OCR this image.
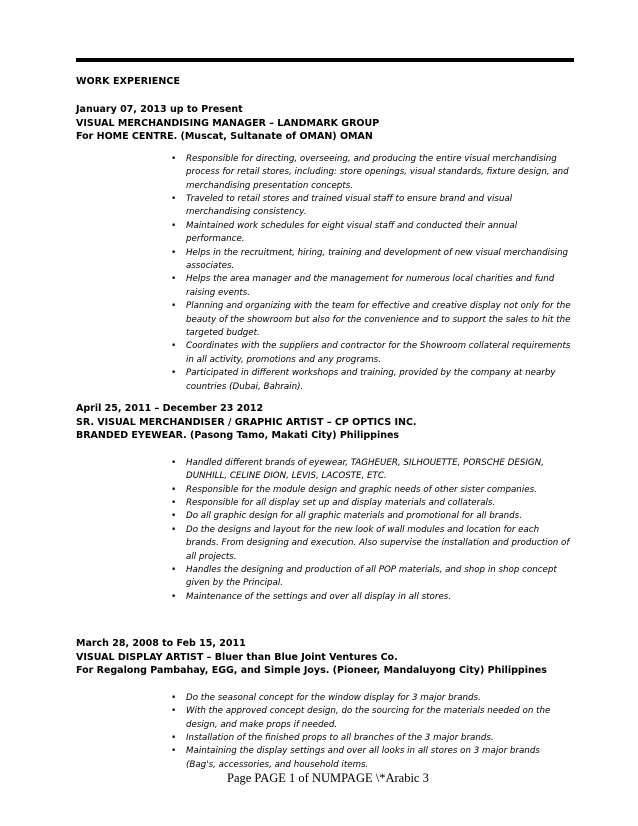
WORK EXPERIENCE
January 07, 2013 up to Present
VISUAL MERCHANDISING MANAGER – LANDMARK GROUP
For HOME CENTRE. (Muscat, Sultanate of OMAN) OMAN
• Responsible for directing, overseeing, and producing the entire visual merchandising process for retail stores, including: store openings, visual standards, fixture design, and merchandising presentation concepts.
• Traveled to retail stores and trained visual staff to ensure brand and visual merchandising consistency.
• Maintained work schedules for eight visual staff and conducted their annual performance.
• Helps in the recruitment, hiring, training and development of new visual merchandising associates.
• Helps the area manager and the management for numerous local charities and fund raising events.
• Planning and organizing with the team for effective and creative display not only for the beauty of the showroom but also for the convenience and to support the sales to hit the targeted budget.
• Coordinates with the suppliers and contractor for the Showroom collateral requirements in all activity, promotions and any programs.
• Participated in different workshops and training, provided by the company at nearby countries (Dubai, Bahrain).
April 25, 2011 – December 23 2012
SR. VISUAL MERCHANDISER / GRAPHIC ARTIST – CP OPTICS INC.
BRANDED EYEWEAR. (Pasong Tamo, Makati City) Philippines
• Handled different brands of eyewear, TAGHEUER, SILHOUETTE, PORSCHE DESIGN, DUNHILL, CELINE DION, LEVIS, LACOSTE, ETC.
• Responsible for the module design and graphic needs of other sister companies.
• Responsible for all display set up and display materials and collaterals.
• Do all graphic design for all graphic materials and promotional for all brands.
• Do the designs and layout for the new look of wall modules and location for each brands. From designing and execution. Also supervise the installation and production of all projects.
• Handles the designing and production of all POP materials, and shop in shop concept given by the Principal.
• Maintenance of the settings and over all display in all stores.
March 28, 2008 to Feb 15, 2011
VISUAL DISPLAY ARTIST – Bluer than Blue Joint Ventures Co.
For Regalong Pambahay, EGG, and Simple Joys. (Pioneer, Mandaluyong City) Philippines
• Do the seasonal concept for the window display for 3 major brands.
• With the approved concept design, do the sourcing for the materials needed on the design, and make props if needed.
• Installation of the finished props to all branches of the 3 major brands.
• Maintaining the display settings and over all looks in all stores on 3 major brands (Bag's, accessories, and household items.
Page PAGE 1 of NUMPAGE \*Arabic 3
